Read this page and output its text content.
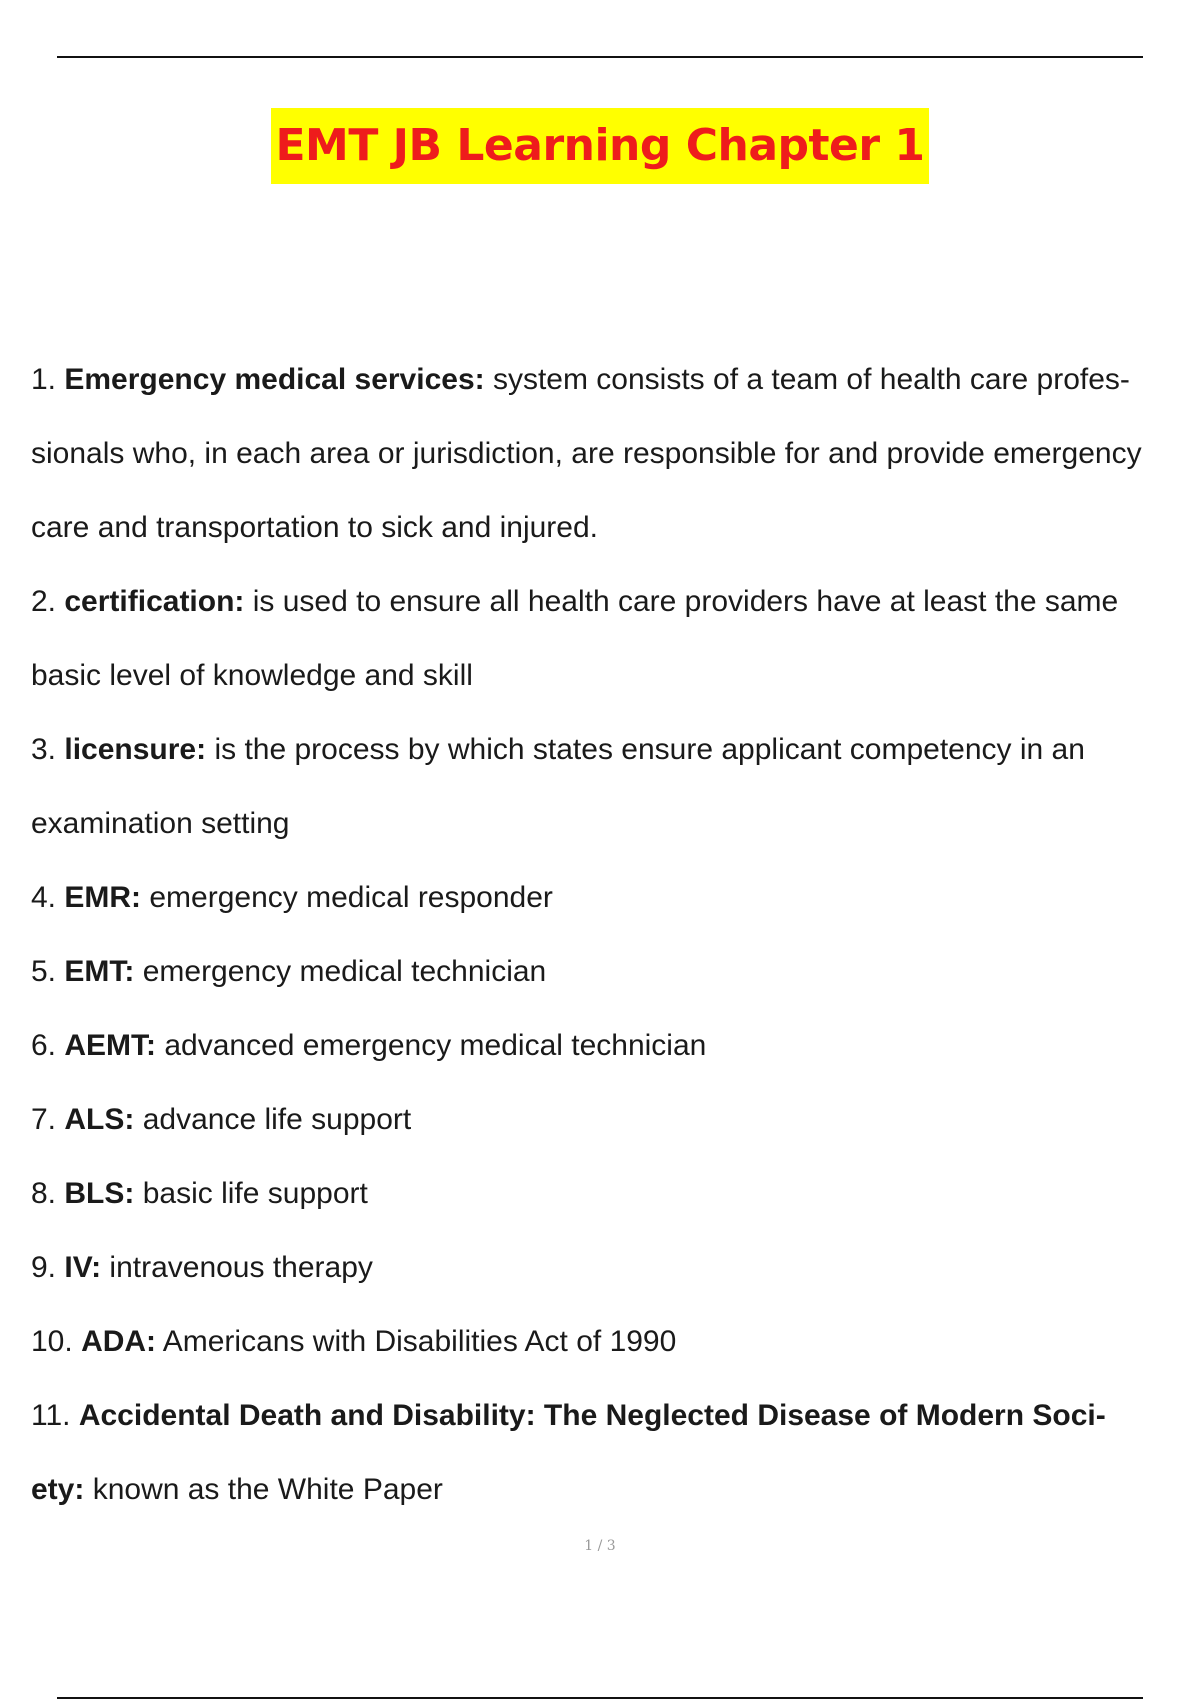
EMT JB Learning Chapter 1
1. Emergency medical services: system consists of a team of health care profes-
sionals who, in each area or jurisdiction, are responsible for and provide emergency
care and transportation to sick and injured.
2. certification: is used to ensure all health care providers have at least the same
basic level of knowledge and skill
3. licensure: is the process by which states ensure applicant competency in an
examination setting
4. EMR: emergency medical responder
5. EMT: emergency medical technician
6. AEMT: advanced emergency medical technician
7. ALS: advance life support
8. BLS: basic life support
9. IV: intravenous therapy
10. ADA: Americans with Disabilities Act of 1990
11. Accidental Death and Disability: The Neglected Disease of Modern Soci-
ety: known as the White Paper
1 / 3
